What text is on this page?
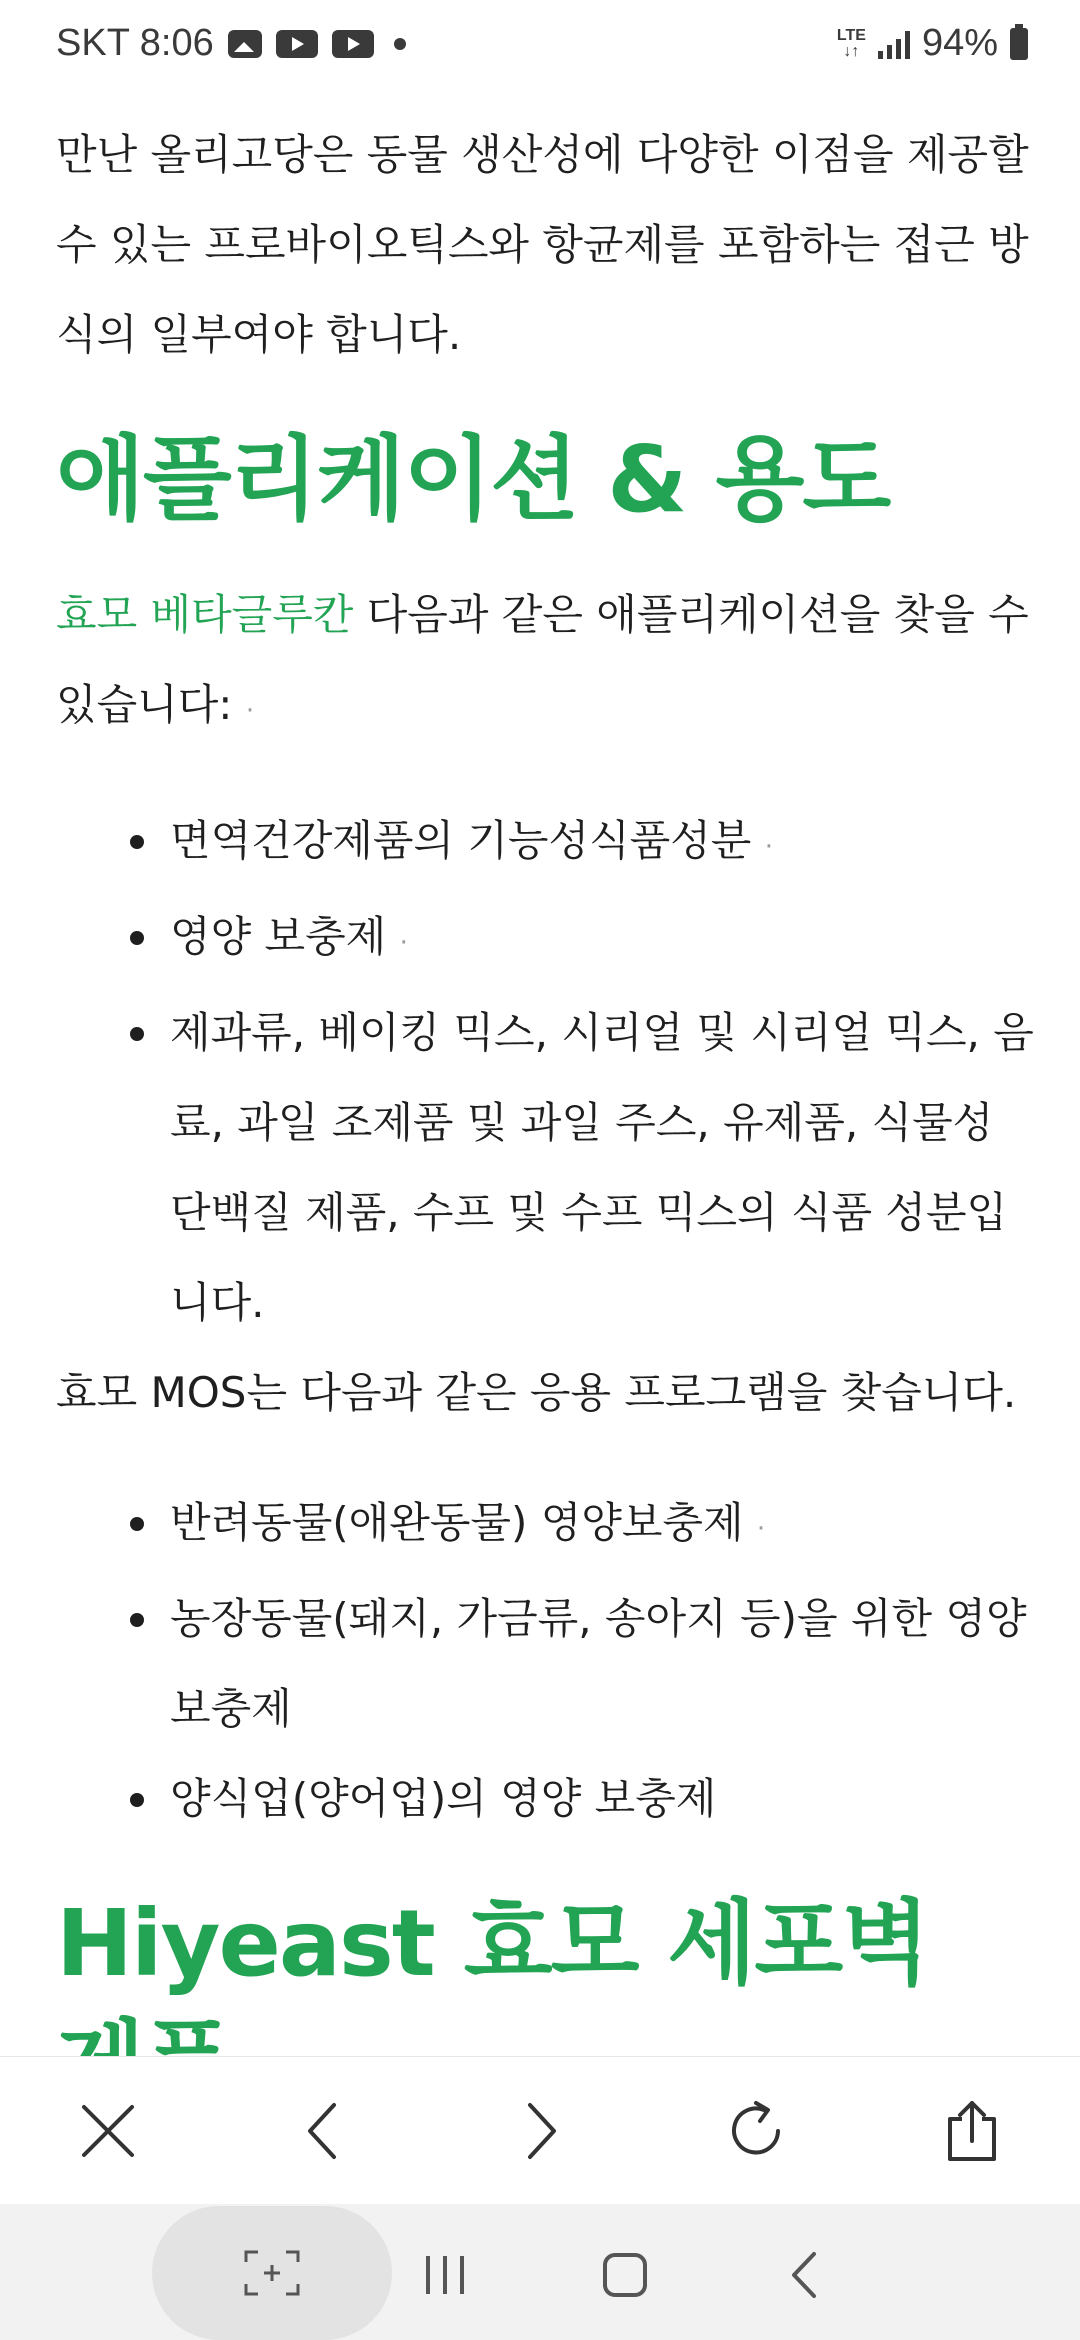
SKT 8:06	LTE
↓↑ 94%

만난 올리고당은 동물 생산성에 다양한 이점을 제공할 수 있는 프로바이오틱스와 항균제를 포함하는 접근 방식의 일부여야 합니다.

애플리케이션 & 용도

효모 베타글루칸 다음과 같은 애플리케이션을 찾을 수 있습니다: ·

면역건강제품의 기능성식품성분 ·
영양 보충제 ·
제과류, 베이킹 믹스, 시리얼 및 시리얼 믹스, 음료, 과일 조제품 및 과일 주스, 유제품, 식물성 단백질 제품, 수프 및 수프 믹스의 식품 성분입니다.

효모 MOS는 다음과 같은 응용 프로그램을 찾습니다.

반려동물(애완동물) 영양보충제 ·
농장동물(돼지, 가금류, 송아지 등)을 위한 영양보충제
양식업(양어업)의 영양 보충제
Hiyeast 효모 세포벽
